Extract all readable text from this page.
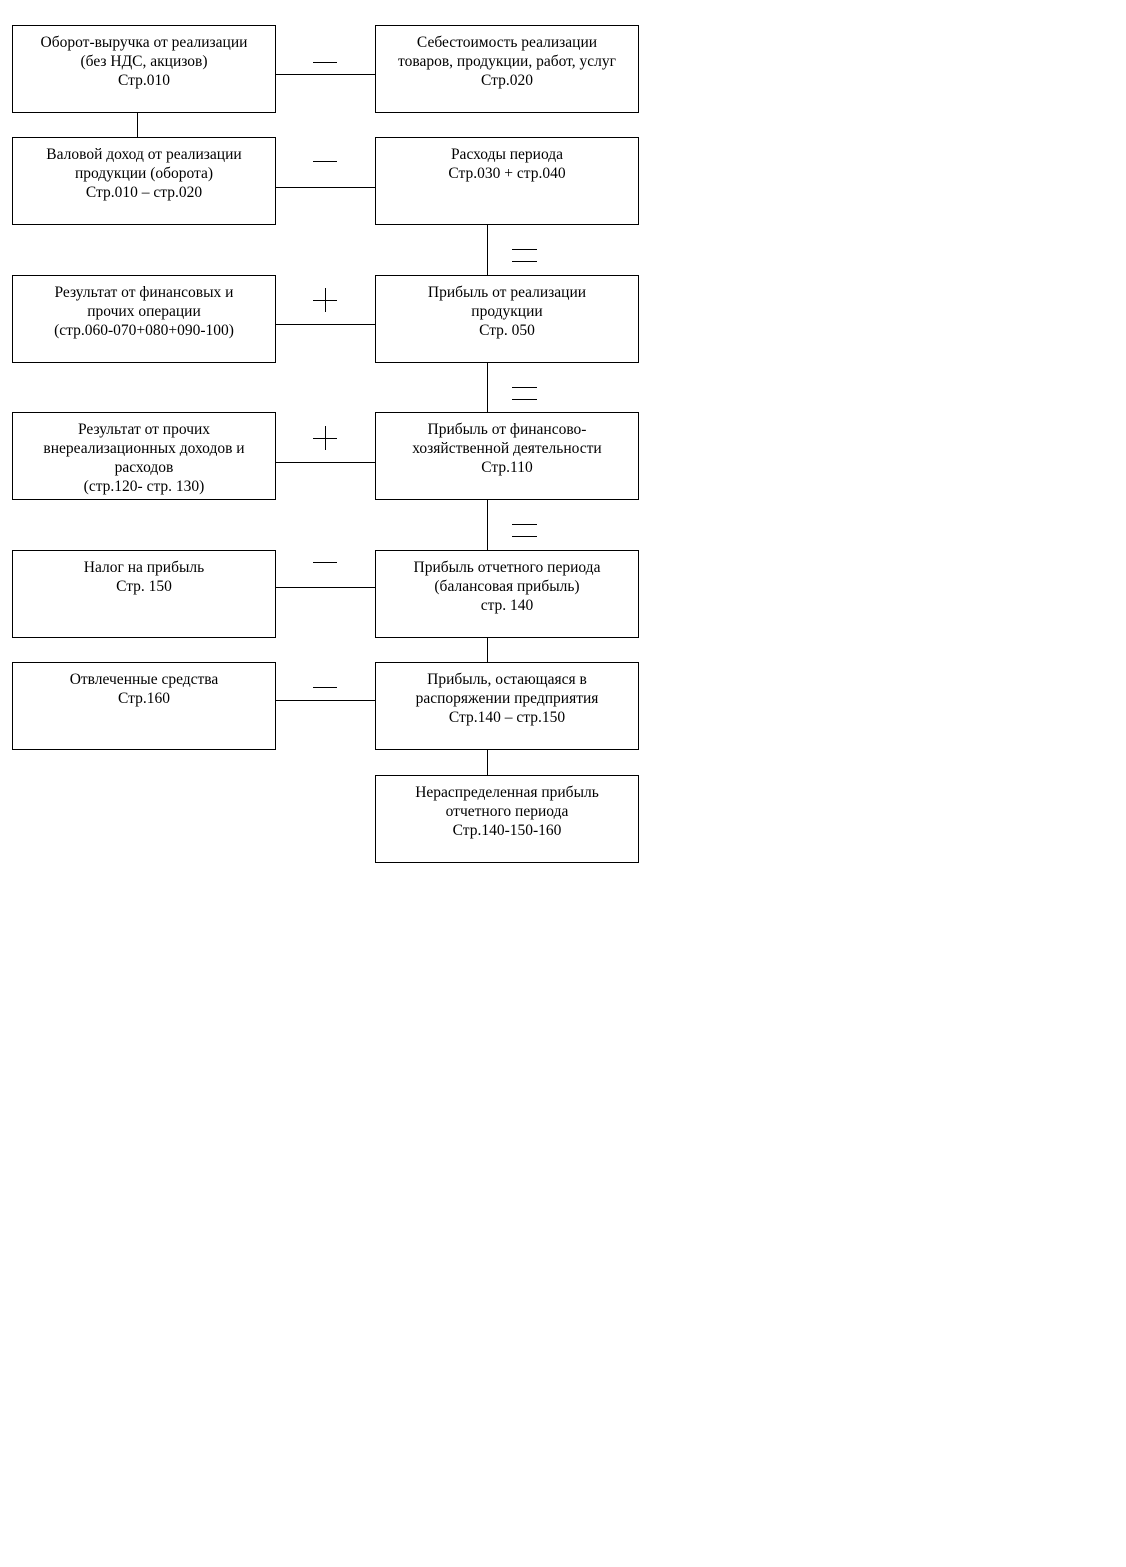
Оборот-выручка от реализации
(без НДС, акцизов)
Стр.010
Себестоимость реализации
товаров, продукции, работ, услуг
Стр.020
Валовой доход от реализации
продукции (оборота)
Стр.010 – стр.020
Расходы периода
Стр.030 + стр.040
Результат от финансовых и
прочих операции
(стр.060-070+080+090-100)
Прибыль от реализации
продукции
Стр. 050
Результат от прочих
внереализационных доходов и
расходов
(стр.120- стр. 130)
Прибыль от финансово-
хозяйственной деятельности
Стр.110
Налог на прибыль
Стр. 150
Прибыль отчетного периода
(балансовая прибыль)
стр. 140
Отвлеченные средства
Стр.160
Прибыль, остающаяся в
распоряжении предприятия
Стр.140 – стр.150
Нераспределенная прибыль
отчетного периода
Стр.140-150-160
